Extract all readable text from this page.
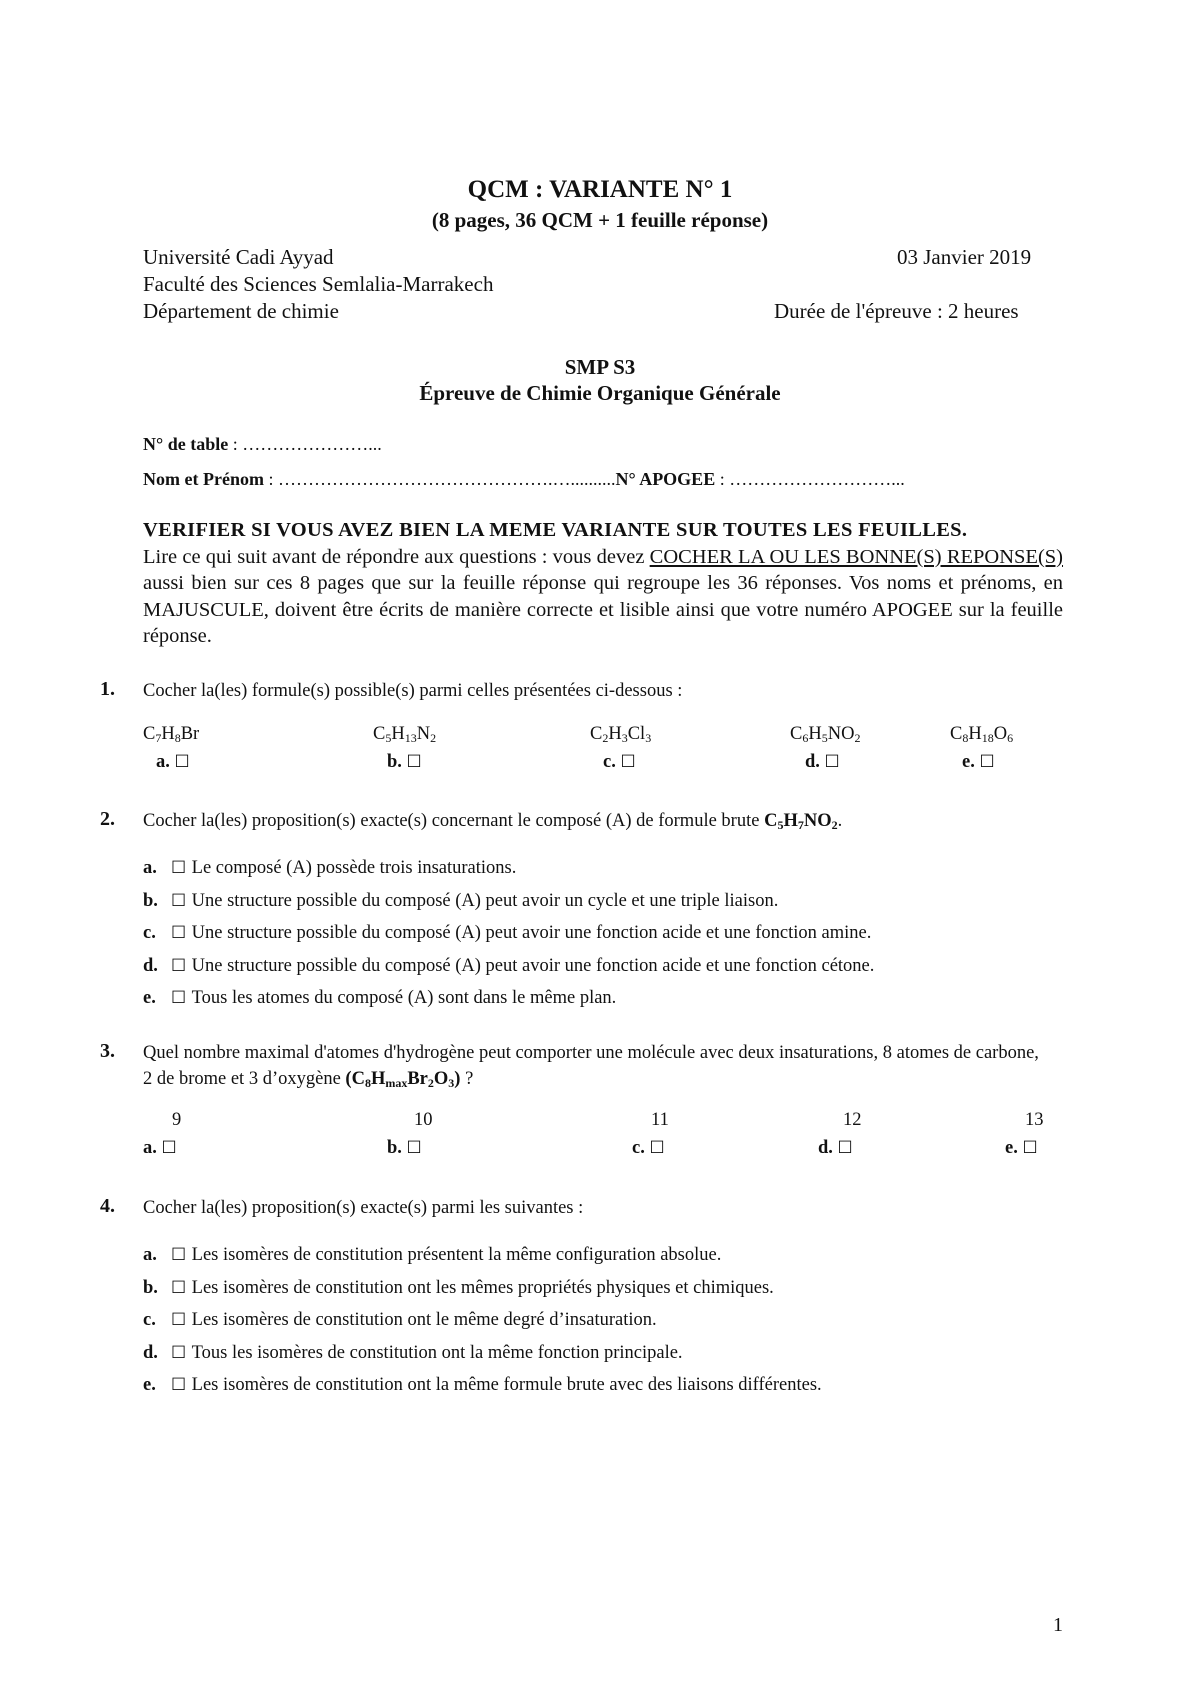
QCM : VARIANTE N° 1
(8 pages, 36 QCM + 1 feuille réponse)
Université Cadi Ayyad
Faculté des Sciences Semlalia-Marrakech
Département de chimie
03 Janvier 2019
Durée de l'épreuve : 2 heures
SMP S3
Épreuve de Chimie Organique Générale
N° de table : …………………...
Nom et Prénom : ……………………………………….…..........N° APOGEE : ………………………...
VERIFIER SI VOUS AVEZ BIEN LA MEME VARIANTE SUR TOUTES LES FEUILLES.
Lire ce qui suit avant de répondre aux questions : vous devez COCHER LA OU LES BONNE(S) REPONSE(S) aussi bien sur ces 8 pages que sur la feuille réponse qui regroupe les 36 réponses. Vos noms et prénoms, en MAJUSCULE, doivent être écrits de manière correcte et lisible ainsi que votre numéro APOGEE sur la feuille réponse.
1. Cocher la(les) formule(s) possible(s) parmi celles présentées ci-dessous :
$C_7H_8Br$
a. ☐
$C_5H_{13}N_2$
b. ☐
$C_2H_3Cl_3$
c. ☐
$C_6H_5NO_2$
d. ☐
$C_8H_{18}O_6$
e. ☐
2. Cocher la(les) proposition(s) exacte(s) concernant le composé (A) de formule brute $C_5H_7NO_2$.
a. ☐ Le composé (A) possède trois insaturations.
b. ☐ Une structure possible du composé (A) peut avoir un cycle et une triple liaison.
c. ☐ Une structure possible du composé (A) peut avoir une fonction acide et une fonction amine.
d. ☐ Une structure possible du composé (A) peut avoir une fonction acide et une fonction cétone.
e. ☐ Tous les atomes du composé (A) sont dans le même plan.
3. Quel nombre maximal d'atomes d'hydrogène peut comporter une molécule avec deux insaturations, 8 atomes de carbone, 2 de brome et 3 d’oxygène $(C_8H_{max}Br_2O_3)$ ?
9
a. ☐
10
b. ☐
11
c. ☐
12
d. ☐
13
e. ☐
4. Cocher la(les) proposition(s) exacte(s) parmi les suivantes :
a. ☐ Les isomères de constitution présentent la même configuration absolue.
b. ☐ Les isomères de constitution ont les mêmes propriétés physiques et chimiques.
c. ☐ Les isomères de constitution ont le même degré d’insaturation.
d. ☐ Tous les isomères de constitution ont la même fonction principale.
e. ☐ Les isomères de constitution ont la même formule brute avec des liaisons différentes.
1
